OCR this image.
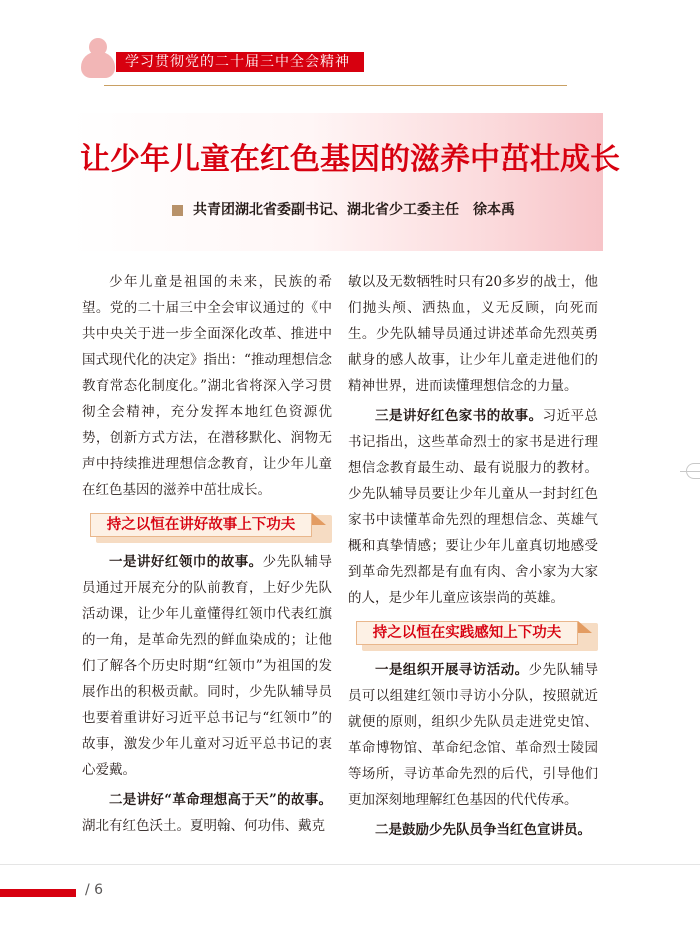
学习贯彻党的二十届三中全会精神
让少年儿童在红色基因的滋养中茁壮成长
共青团湖北省委副书记、湖北省少工委主任　徐本禹

少年儿童是祖国的未来，民族的希望。党的二十届三中全会审议通过的《中共中央关于进一步全面深化改革、推进中国式现代化的决定》指出：“推动理想信念教育常态化制度化。”湖北省将深入学习贯彻全会精神，充分发挥本地红色资源优势，创新方式方法，在潜移默化、润物无声中持续推进理想信念教育，让少年儿童在红色基因的滋养中茁壮成长。

持之以恒在讲好故事上下功夫

一是讲好红领巾的故事。少先队辅导员通过开展充分的队前教育，上好少先队活动课，让少年儿童懂得红领巾代表红旗的一角，是革命先烈的鲜血染成的；让他们了解各个历史时期“红领巾”为祖国的发展作出的积极贡献。同时，少先队辅导员也要着重讲好习近平总书记与“红领巾”的故事，激发少年儿童对习近平总书记的衷心爱戴。

二是讲好“革命理想高于天”的故事。湖北有红色沃土。夏明翰、何功伟、戴克

敏以及无数牺牲时只有20多岁的战士，他们抛头颅、洒热血，义无反顾，向死而生。少先队辅导员通过讲述革命先烈英勇献身的感人故事，让少年儿童走进他们的精神世界，进而读懂理想信念的力量。

三是讲好红色家书的故事。习近平总书记指出，这些革命烈士的家书是进行理想信念教育最生动、最有说服力的教材。少先队辅导员要让少年儿童从一封封红色家书中读懂革命先烈的理想信念、英雄气概和真挚情感；要让少年儿童真切地感受到革命先烈都是有血有肉、舍小家为大家的人，是少年儿童应该崇尚的英雄。

持之以恒在实践感知上下功夫

一是组织开展寻访活动。少先队辅导员可以组建红领巾寻访小分队，按照就近就便的原则，组织少先队员走进党史馆、革命博物馆、革命纪念馆、革命烈士陵园等场所，寻访革命先烈的后代，引导他们更加深刻地理解红色基因的代代传承。

二是鼓励少先队员争当红色宣讲员。

/ 6
